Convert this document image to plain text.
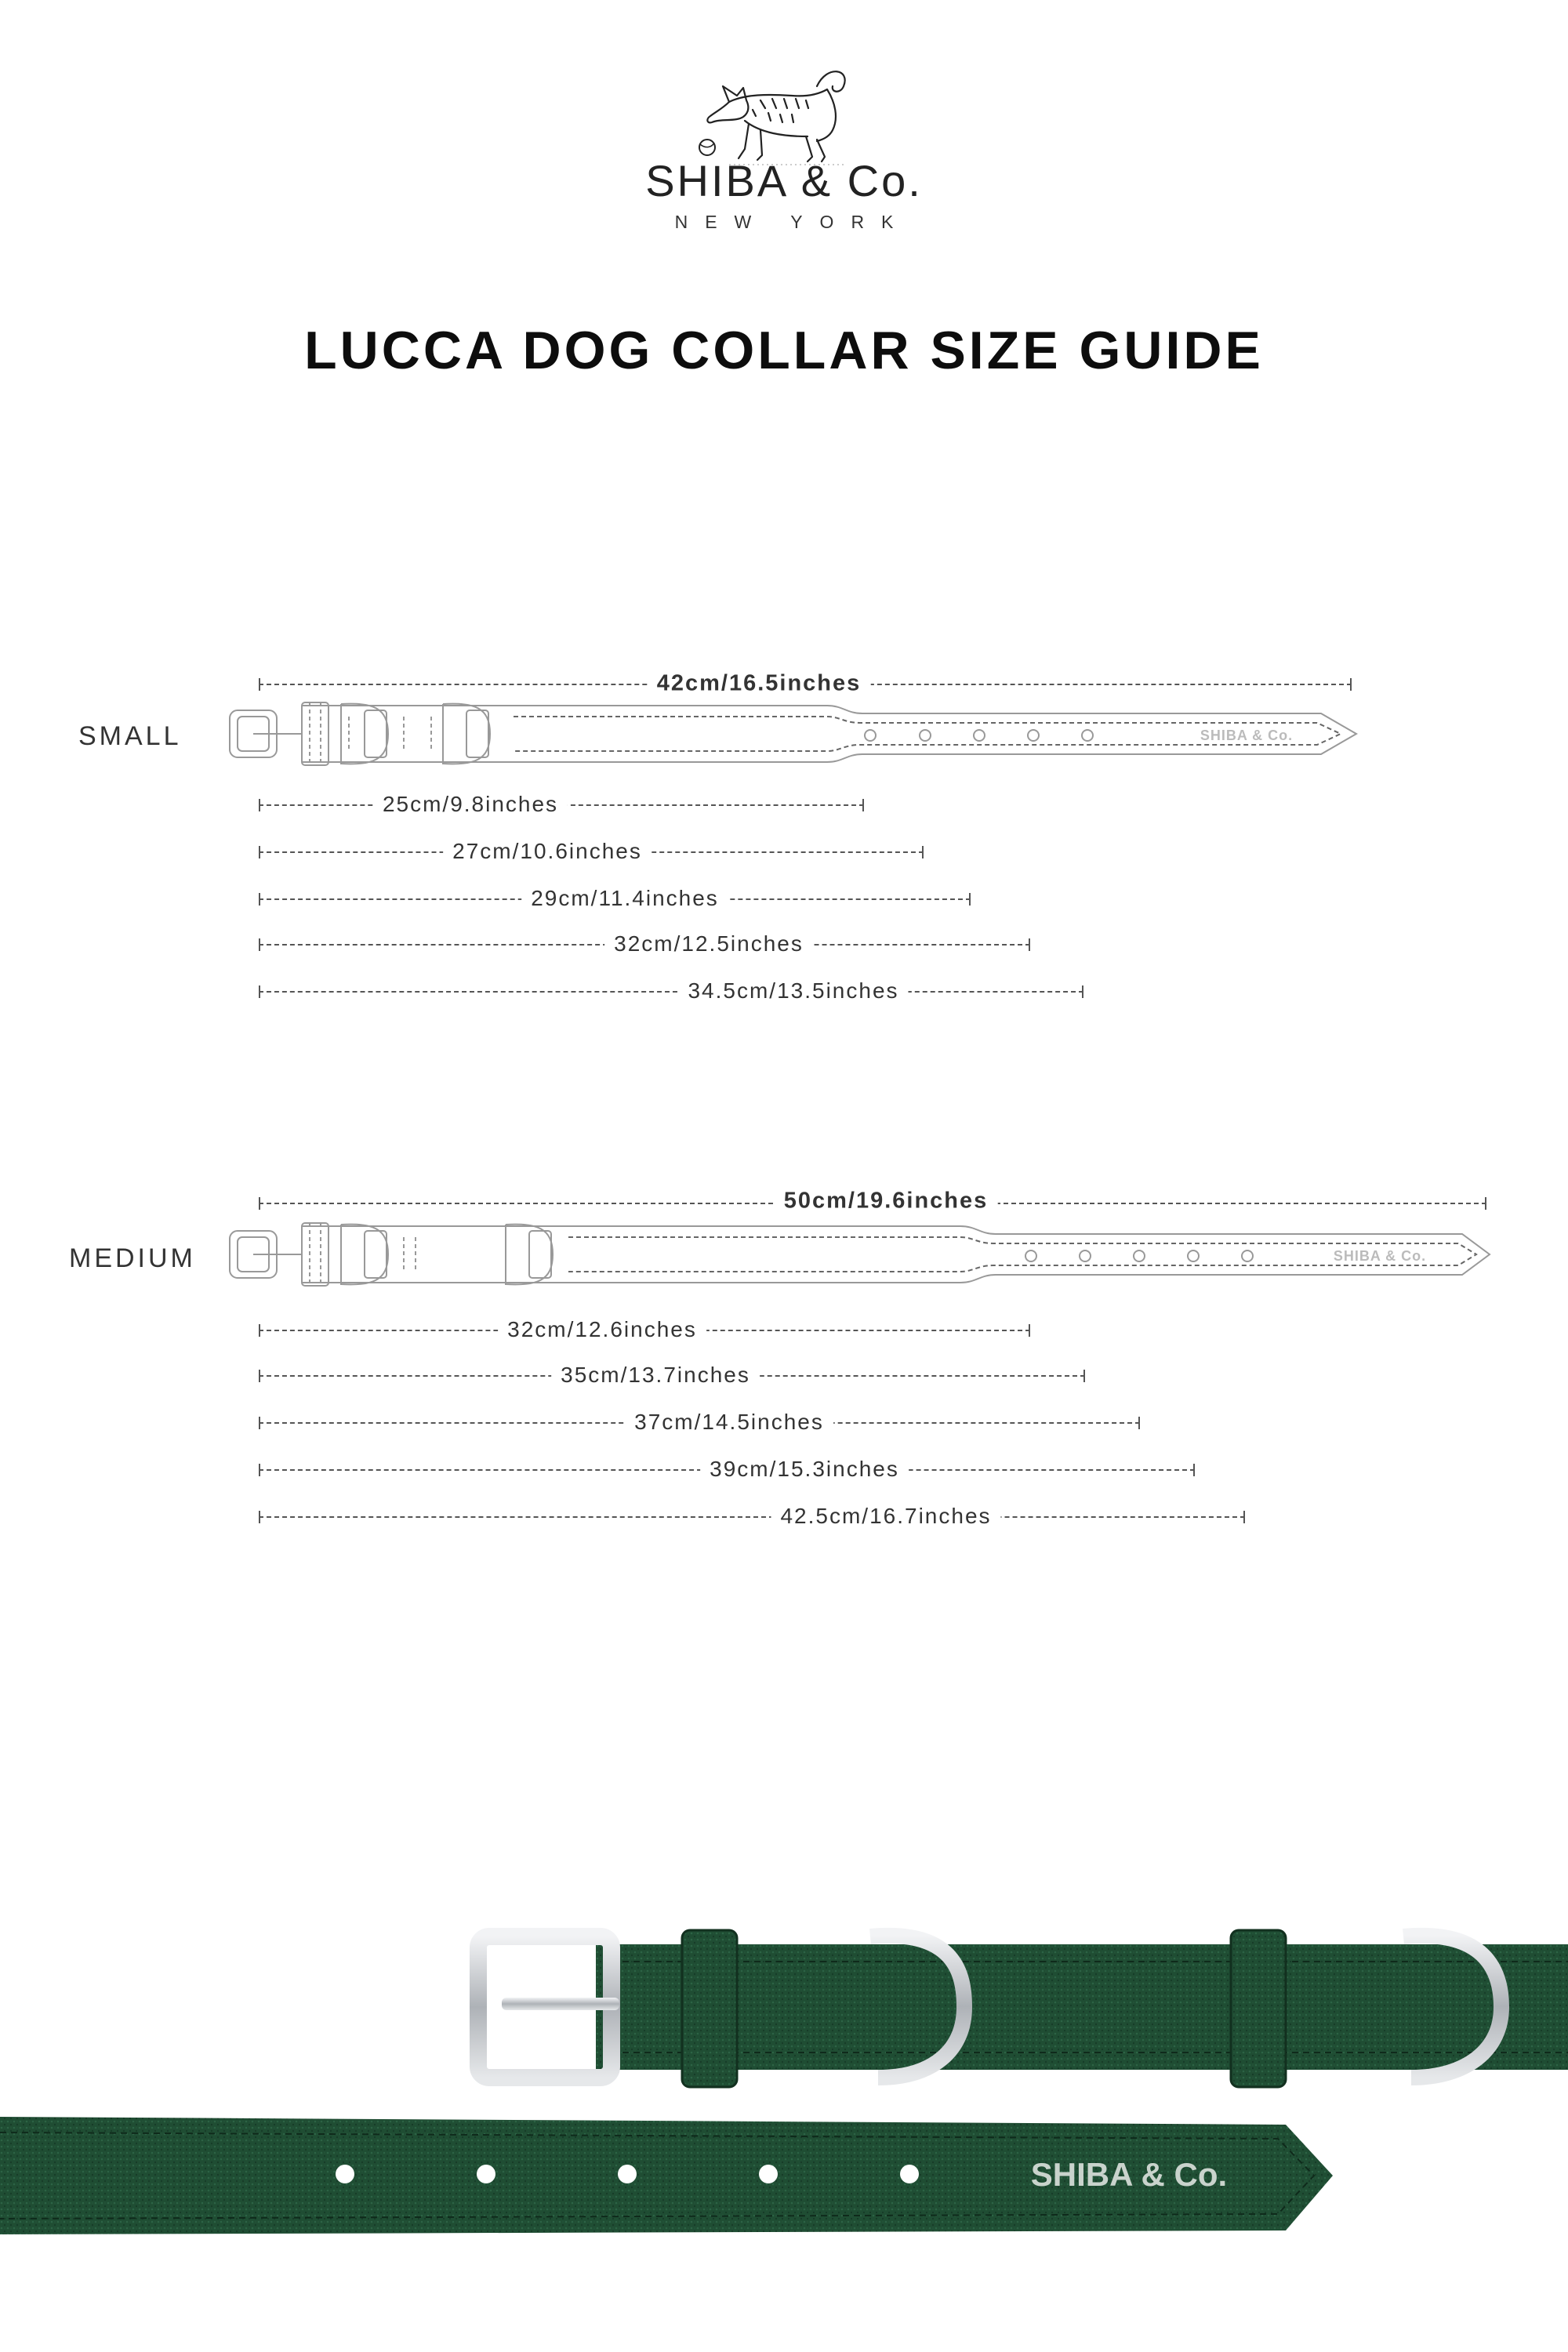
SHIBA & Co.
NEW YORK
LUCCA DOG COLLAR SIZE GUIDE
SMALL
42cm/16.5inches
SHIBA & Co.
25cm/9.8inches
27cm/10.6inches
29cm/11.4inches
32cm/12.5inches
34.5cm/13.5inches
MEDIUM
50cm/19.6inches
SHIBA & Co.
32cm/12.6inches
35cm/13.7inches
37cm/14.5inches
39cm/15.3inches
42.5cm/16.7inches
SHIBA & Co.
